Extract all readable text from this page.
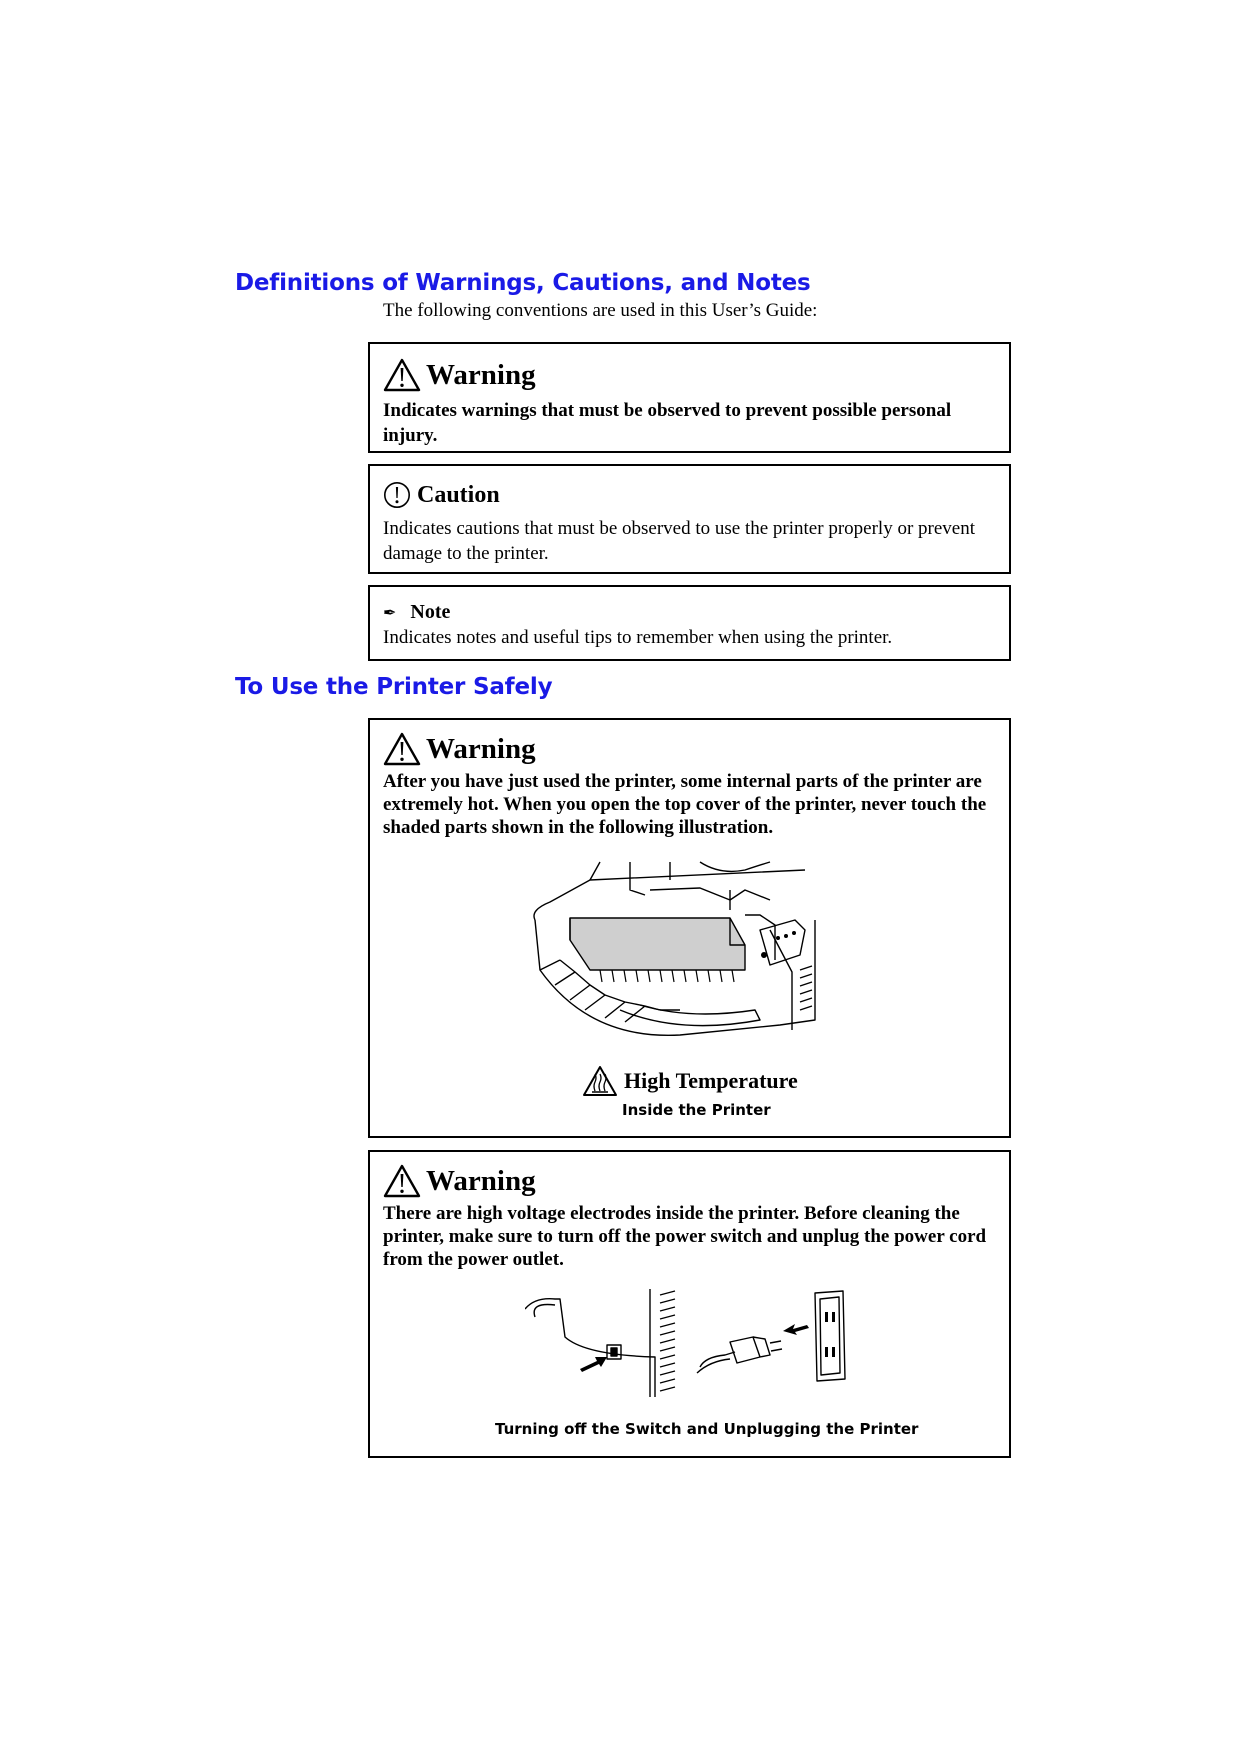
Definitions of Warnings, Cautions, and Notes

The following conventions are used in this User’s Guide:

Warning

Indicates warnings that must be observed to prevent possible personal injury.

Caution

Indicates cautions that must be observed to use the printer properly or prevent damage to the printer.

✒ Note

Indicates notes and useful tips to remember when using the printer.

To Use the Printer Safely
Warning

After you have just used the printer, some internal parts of the printer are extremely hot. When you open the top cover of the printer, never touch the shaded parts shown in the following illustration.

High Temperature
Inside the Printer
Warning

There are high voltage electrodes inside the printer. Before cleaning the printer, make sure to turn off the power switch and unplug the power cord from the power outlet.

Turning off the Switch and Unplugging the Printer
